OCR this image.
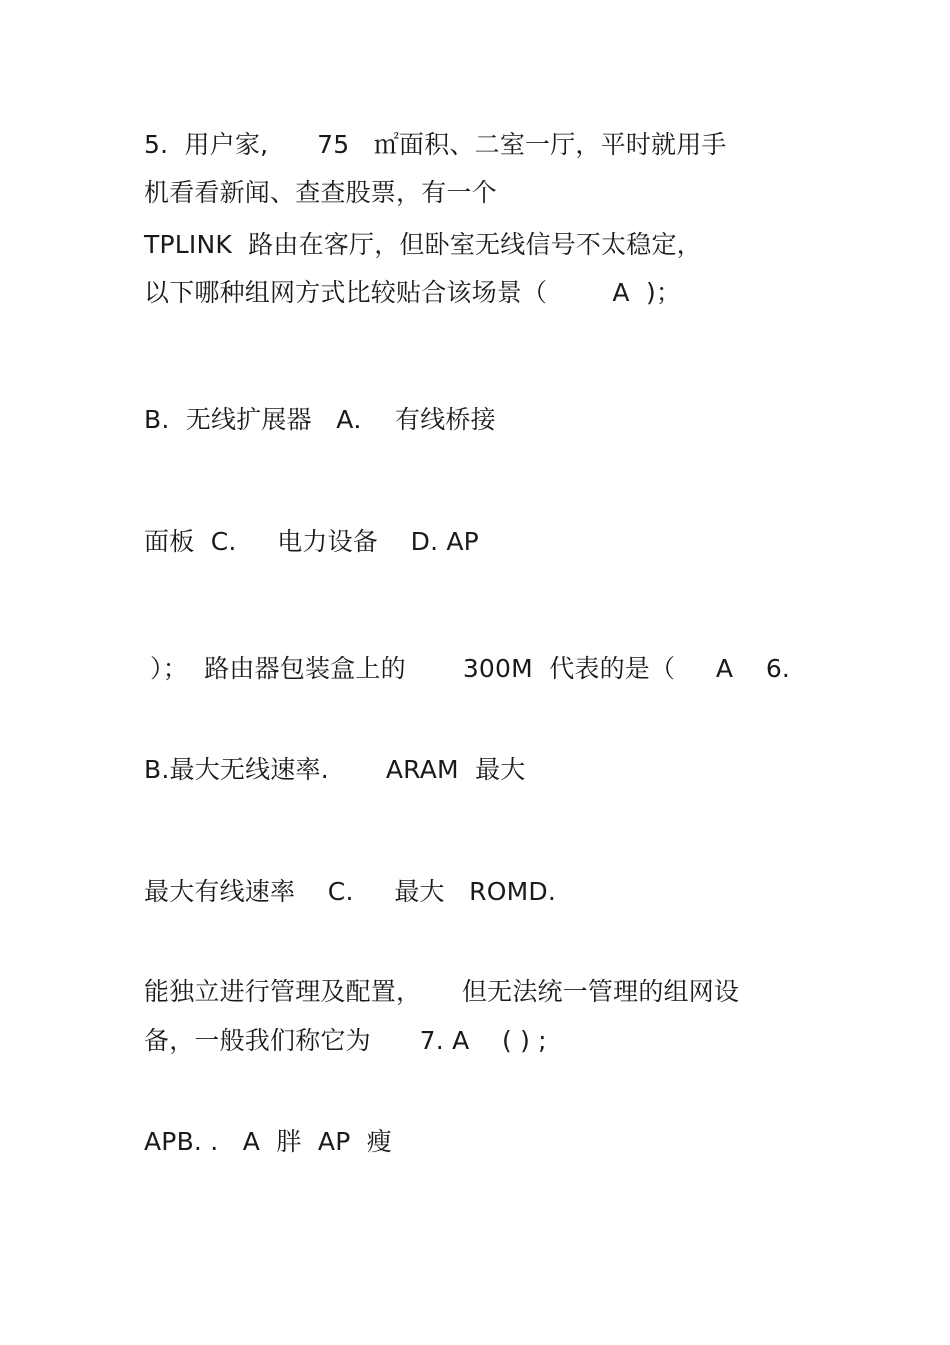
5.  用户家,      75   ㎡面积、二室一厅，平时就用手
机看看新闻、查查股票，有一个
TPLINK  路由在客厅，但卧室无线信号不太稳定，
以下哪种组网方式比较贴合该场景（        A  )；
B.  无线扩展器   A．  有线桥接
面板  C.     电力设备    D. AP
）；  路由器包装盒上的       300M  代表的是（     A    6.
B.最大无线速率.       ARAM  最大
最大有线速率    C.     最大   ROMD.
能独立进行管理及配置，     但无法统一管理的组网设
备，一般我们称它为      7. A    ( ) ;
APB. .   A  胖  AP  瘦
